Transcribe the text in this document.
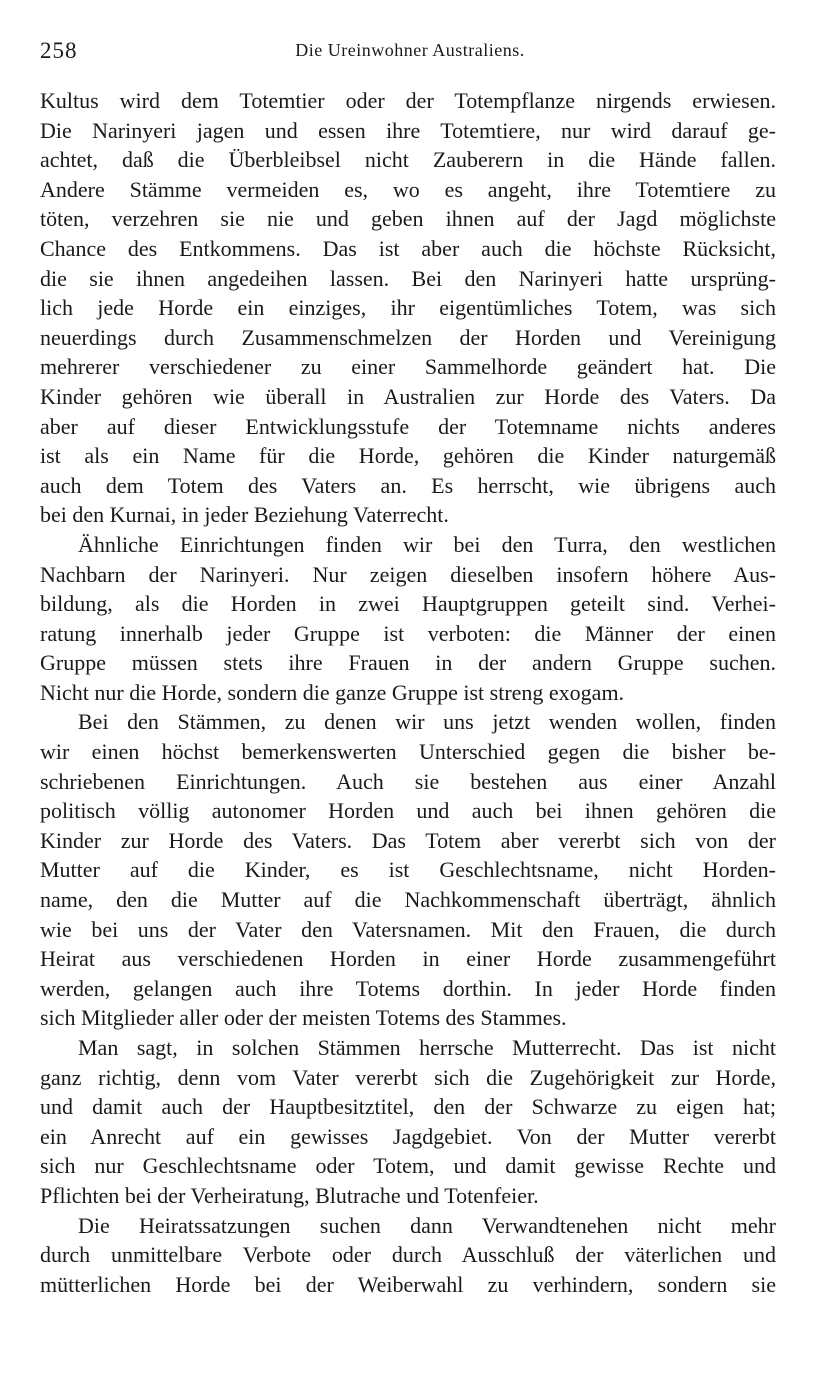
258	Die Ureinwohner Australiens.
Kultus wird dem Totemtier oder der Totempflanze nirgends erwiesen.
Die Narinyeri jagen und essen ihre Totemtiere, nur wird darauf ge-
achtet, daß die Überbleibsel nicht Zauberern in die Hände fallen.
Andere Stämme vermeiden es, wo es angeht, ihre Totemtiere zu
töten, verzehren sie nie und geben ihnen auf der Jagd möglichste
Chance des Entkommens. Das ist aber auch die höchste Rücksicht,
die sie ihnen angedeihen lassen. Bei den Narinyeri hatte ursprüng-
lich jede Horde ein einziges, ihr eigentümliches Totem, was sich
neuerdings durch Zusammenschmelzen der Horden und Vereinigung
mehrerer verschiedener zu einer Sammelhorde geändert hat. Die
Kinder gehören wie überall in Australien zur Horde des Vaters. Da
aber auf dieser Entwicklungsstufe der Totemname nichts anderes
ist als ein Name für die Horde, gehören die Kinder naturgemäß
auch dem Totem des Vaters an. Es herrscht, wie übrigens auch
bei den Kurnai, in jeder Beziehung Vaterrecht.
Ähnliche Einrichtungen finden wir bei den Turra, den westlichen
Nachbarn der Narinyeri. Nur zeigen dieselben insofern höhere Aus-
bildung, als die Horden in zwei Hauptgruppen geteilt sind. Verhei-
ratung innerhalb jeder Gruppe ist verboten: die Männer der einen
Gruppe müssen stets ihre Frauen in der andern Gruppe suchen.
Nicht nur die Horde, sondern die ganze Gruppe ist streng exogam.
Bei den Stämmen, zu denen wir uns jetzt wenden wollen, finden
wir einen höchst bemerkenswerten Unterschied gegen die bisher be-
schriebenen Einrichtungen. Auch sie bestehen aus einer Anzahl
politisch völlig autonomer Horden und auch bei ihnen gehören die
Kinder zur Horde des Vaters. Das Totem aber vererbt sich von der
Mutter auf die Kinder, es ist Geschlechtsname, nicht Horden-
name, den die Mutter auf die Nachkommenschaft überträgt, ähnlich
wie bei uns der Vater den Vatersnamen. Mit den Frauen, die durch
Heirat aus verschiedenen Horden in einer Horde zusammengeführt
werden, gelangen auch ihre Totems dorthin. In jeder Horde finden
sich Mitglieder aller oder der meisten Totems des Stammes.
Man sagt, in solchen Stämmen herrsche Mutterrecht. Das ist nicht
ganz richtig, denn vom Vater vererbt sich die Zugehörigkeit zur Horde,
und damit auch der Hauptbesitztitel, den der Schwarze zu eigen hat;
ein Anrecht auf ein gewisses Jagdgebiet. Von der Mutter vererbt
sich nur Geschlechtsname oder Totem, und damit gewisse Rechte und
Pflichten bei der Verheiratung, Blutrache und Totenfeier.
Die Heiratssatzungen suchen dann Verwandtenehen nicht mehr
durch unmittelbare Verbote oder durch Ausschluß der väterlichen und
mütterlichen Horde bei der Weiberwahl zu verhindern, sondern sie
